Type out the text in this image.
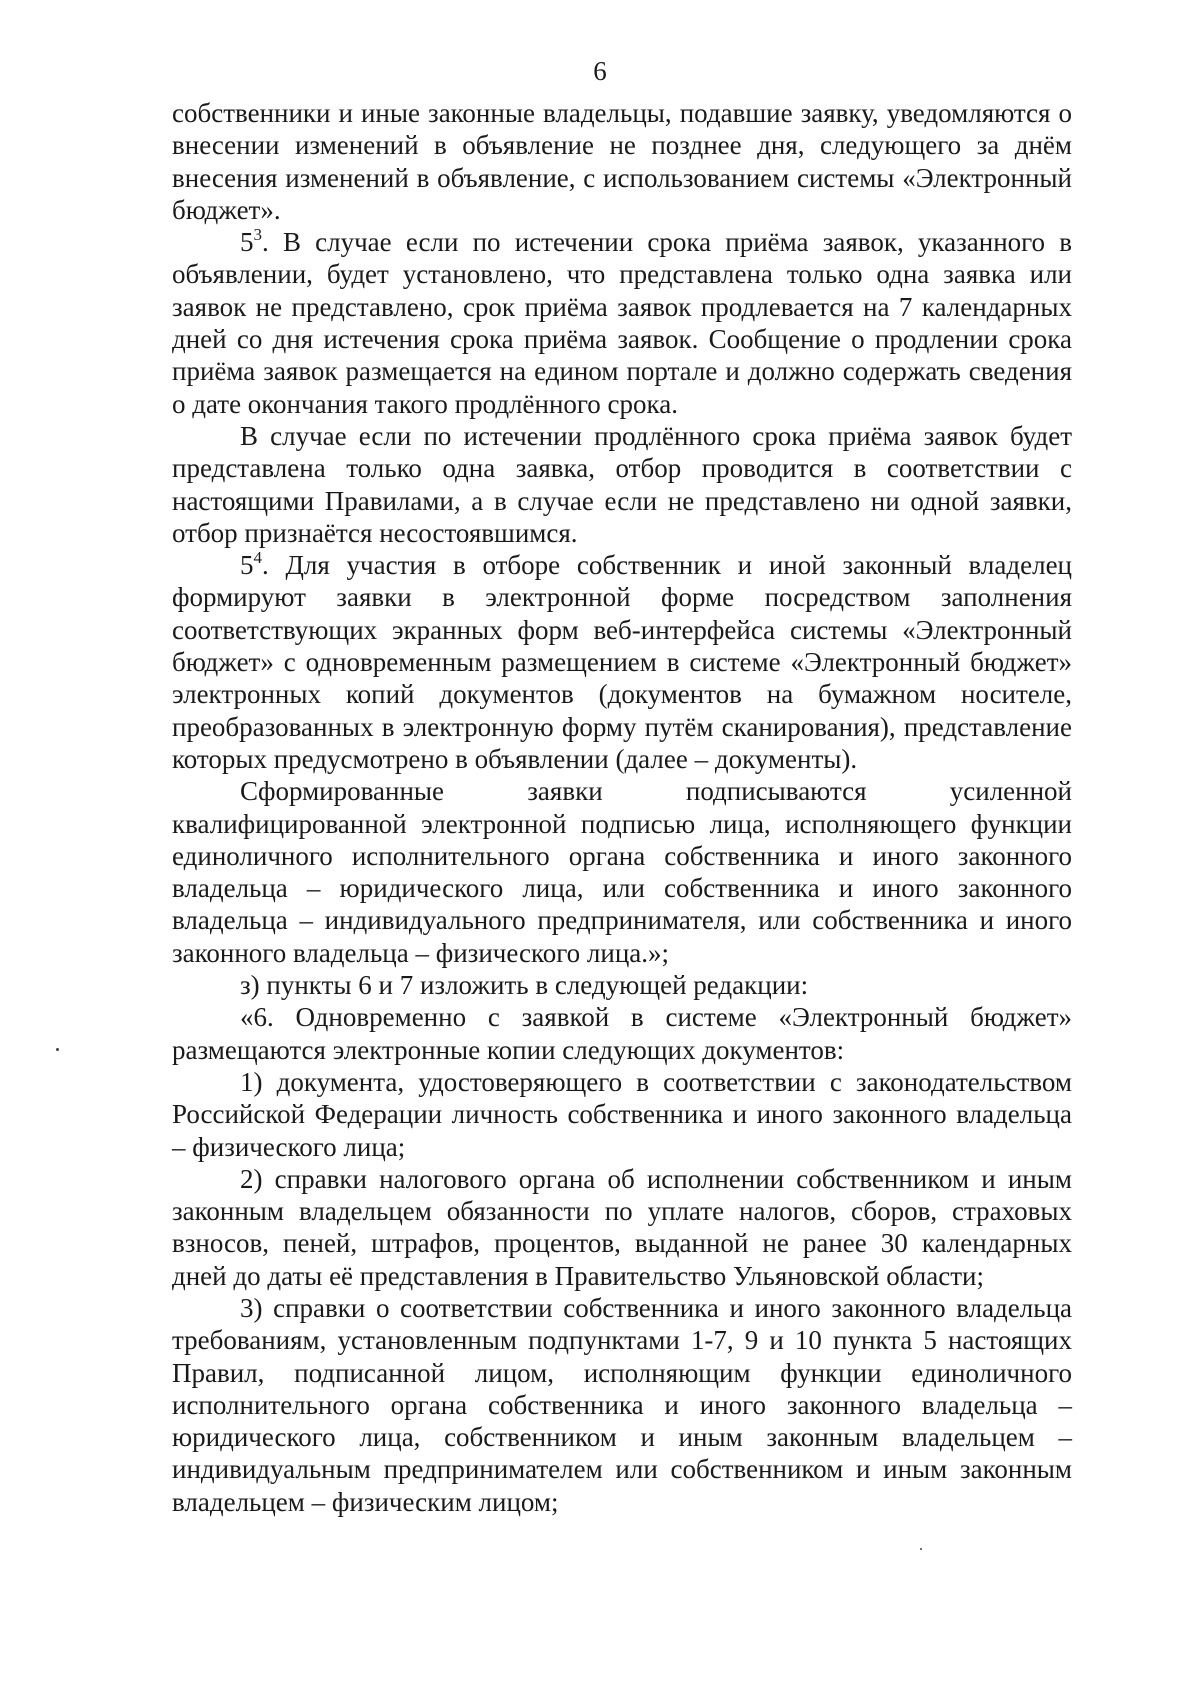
6

собственники и иные законные владельцы, подавшие заявку, уведомляются о внесении изменений в объявление не позднее дня, следующего за днём внесения изменений в объявление, с использованием системы «Электронный бюджет».

$5^3$. В случае если по истечении срока приёма заявок, указанного в объявлении, будет установлено, что представлена только одна заявка или заявок не представлено, срок приёма заявок продлевается на 7 календарных дней со дня истечения срока приёма заявок. Сообщение о продлении срока приёма заявок размещается на едином портале и должно содержать сведения о дате окончания такого продлённого срока.

В случае если по истечении продлённого срока приёма заявок будет представлена только одна заявка, отбор проводится в соответствии с настоящими Правилами, а в случае если не представлено ни одной заявки, отбор признаётся несостоявшимся.

$5^4$. Для участия в отборе собственник и иной законный владелец формируют заявки в электронной форме посредством заполнения соответствующих экранных форм веб-интерфейса системы «Электронный бюджет» с одновременным размещением в системе «Электронный бюджет» электронных копий документов (документов на бумажном носителе, преобразованных в электронную форму путём сканирования), представление которых предусмотрено в объявлении (далее – документы).

Сформированные заявки подписываются усиленной квалифицированной электронной подписью лица, исполняющего функции единоличного исполнительного органа собственника и иного законного владельца – юридического лица, или собственника и иного законного владельца – индивидуального предпринимателя, или собственника и иного законного владельца – физического лица.»;

з) пункты 6 и 7 изложить в следующей редакции:

«6. Одновременно с заявкой в системе «Электронный бюджет» размещаются электронные копии следующих документов:

1) документа, удостоверяющего в соответствии с законодательством Российской Федерации личность собственника и иного законного владельца – физического лица;

2) справки налогового органа об исполнении собственником и иным законным владельцем обязанности по уплате налогов, сборов, страховых взносов, пеней, штрафов, процентов, выданной не ранее 30 календарных дней до даты её представления в Правительство Ульяновской области;

3) справки о соответствии собственника и иного законного владельца требованиям, установленным подпунктами 1-7, 9 и 10 пункта 5 настоящих Правил, подписанной лицом, исполняющим функции единоличного исполнительного органа собственника и иного законного владельца – юридического лица, собственником и иным законным владельцем – индивидуальным предпринимателем или собственником и иным законным владельцем – физическим лицом;
